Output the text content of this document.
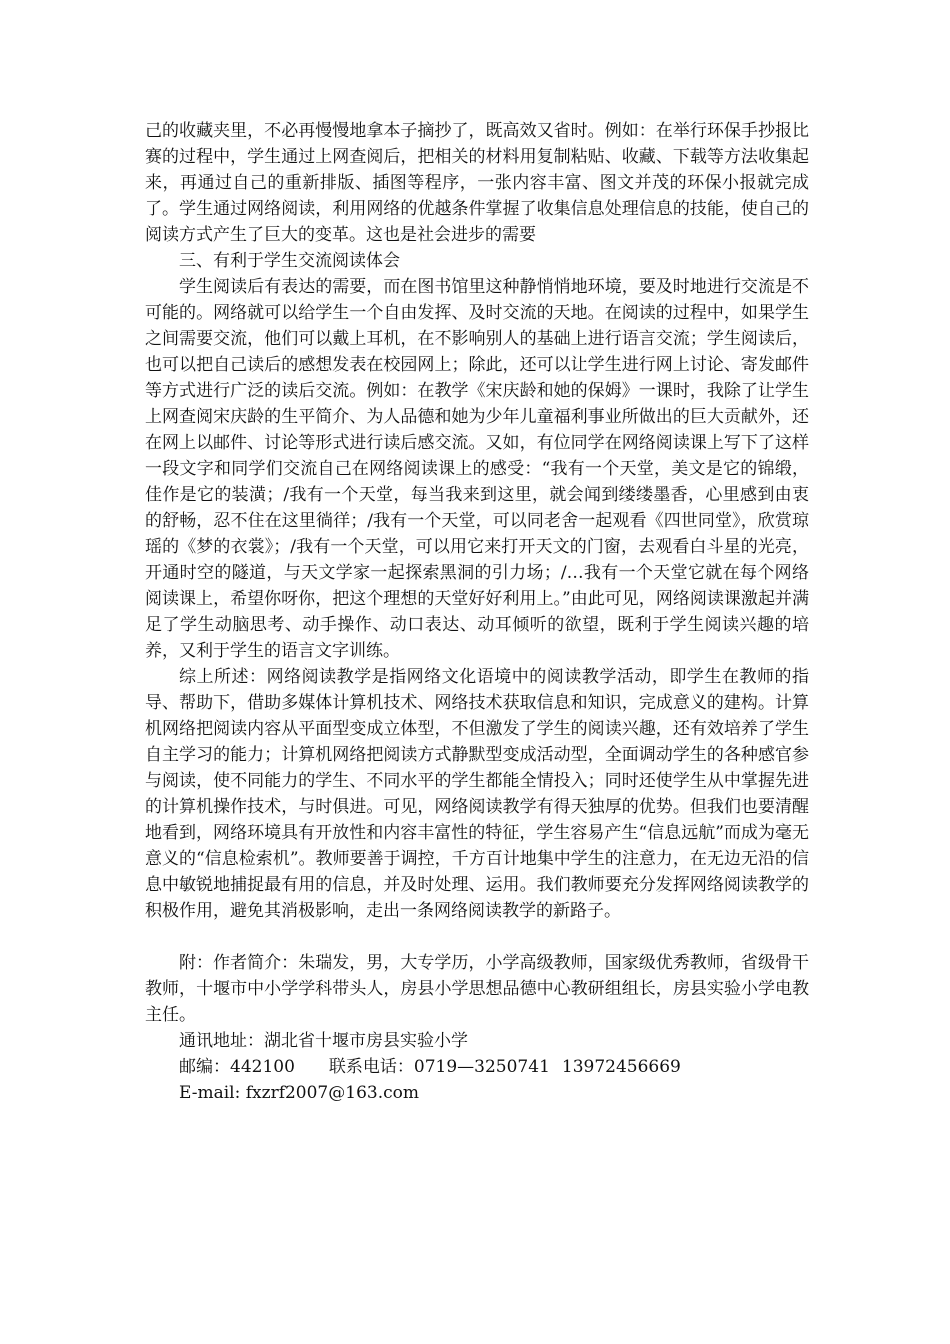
己的收藏夹里，不必再慢慢地拿本子摘抄了，既高效又省时。例如：在举行环保手抄报比赛的过程中，学生通过上网查阅后，把相关的材料用复制粘贴、收藏、下载等方法收集起来，再通过自己的重新排版、插图等程序，一张内容丰富、图文并茂的环保小报就完成了。学生通过网络阅读，利用网络的优越条件掌握了收集信息处理信息的技能，使自己的阅读方式产生了巨大的变革。这也是社会进步的需要

三、有利于学生交流阅读体会

学生阅读后有表达的需要，而在图书馆里这种静悄悄地环境，要及时地进行交流是不可能的。网络就可以给学生一个自由发挥、及时交流的天地。在阅读的过程中，如果学生之间需要交流，他们可以戴上耳机，在不影响别人的基础上进行语言交流；学生阅读后，也可以把自己读后的感想发表在校园网上；除此，还可以让学生进行网上讨论、寄发邮件等方式进行广泛的读后交流。例如：在教学《宋庆龄和她的保姆》一课时，我除了让学生上网查阅宋庆龄的生平简介、为人品德和她为少年儿童福利事业所做出的巨大贡献外，还在网上以邮件、讨论等形式进行读后感交流。又如，有位同学在网络阅读课上写下了这样一段文字和同学们交流自己在网络阅读课上的感受：“我有一个天堂，美文是它的锦缎，佳作是它的装潢；/我有一个天堂，每当我来到这里，就会闻到缕缕墨香，心里感到由衷的舒畅，忍不住在这里徜徉；/我有一个天堂，可以同老舍一起观看《四世同堂》，欣赏琼瑶的《梦的衣裳》；/我有一个天堂，可以用它来打开天文的门窗，去观看白斗星的光亮，开通时空的隧道，与天文学家一起探索黑洞的引力场；/…我有一个天堂它就在每个网络阅读课上，希望你呀你，把这个理想的天堂好好利用上。”由此可见，网络阅读课激起并满足了学生动脑思考、动手操作、动口表达、动耳倾听的欲望，既利于学生阅读兴趣的培养，又利于学生的语言文字训练。

综上所述：网络阅读教学是指网络文化语境中的阅读教学活动，即学生在教师的指导、帮助下，借助多媒体计算机技术、网络技术获取信息和知识，完成意义的建构。计算机网络把阅读内容从平面型变成立体型，不但激发了学生的阅读兴趣，还有效培养了学生自主学习的能力；计算机网络把阅读方式静默型变成活动型，全面调动学生的各种感官参与阅读，使不同能力的学生、不同水平的学生都能全情投入；同时还使学生从中掌握先进的计算机操作技术，与时俱进。可见，网络阅读教学有得天独厚的优势。但我们也要清醒地看到，网络环境具有开放性和内容丰富性的特征，学生容易产生“信息远航”而成为毫无意义的“信息检索机”。教师要善于调控，千方百计地集中学生的注意力，在无边无沿的信息中敏锐地捕捉最有用的信息，并及时处理、运用。我们教师要充分发挥网络阅读教学的积极作用，避免其消极影响，走出一条网络阅读教学的新路子。

附：作者简介：朱瑞发，男，大专学历，小学高级教师，国家级优秀教师，省级骨干教师，十堰市中小学学科带头人，房县小学思想品德中心教研组组长，房县实验小学电教主任。

通讯地址：湖北省十堰市房县实验小学

邮编：442100 联系电话：0719—3250741 13972456669

E-mail: fxzrf2007@163.com
